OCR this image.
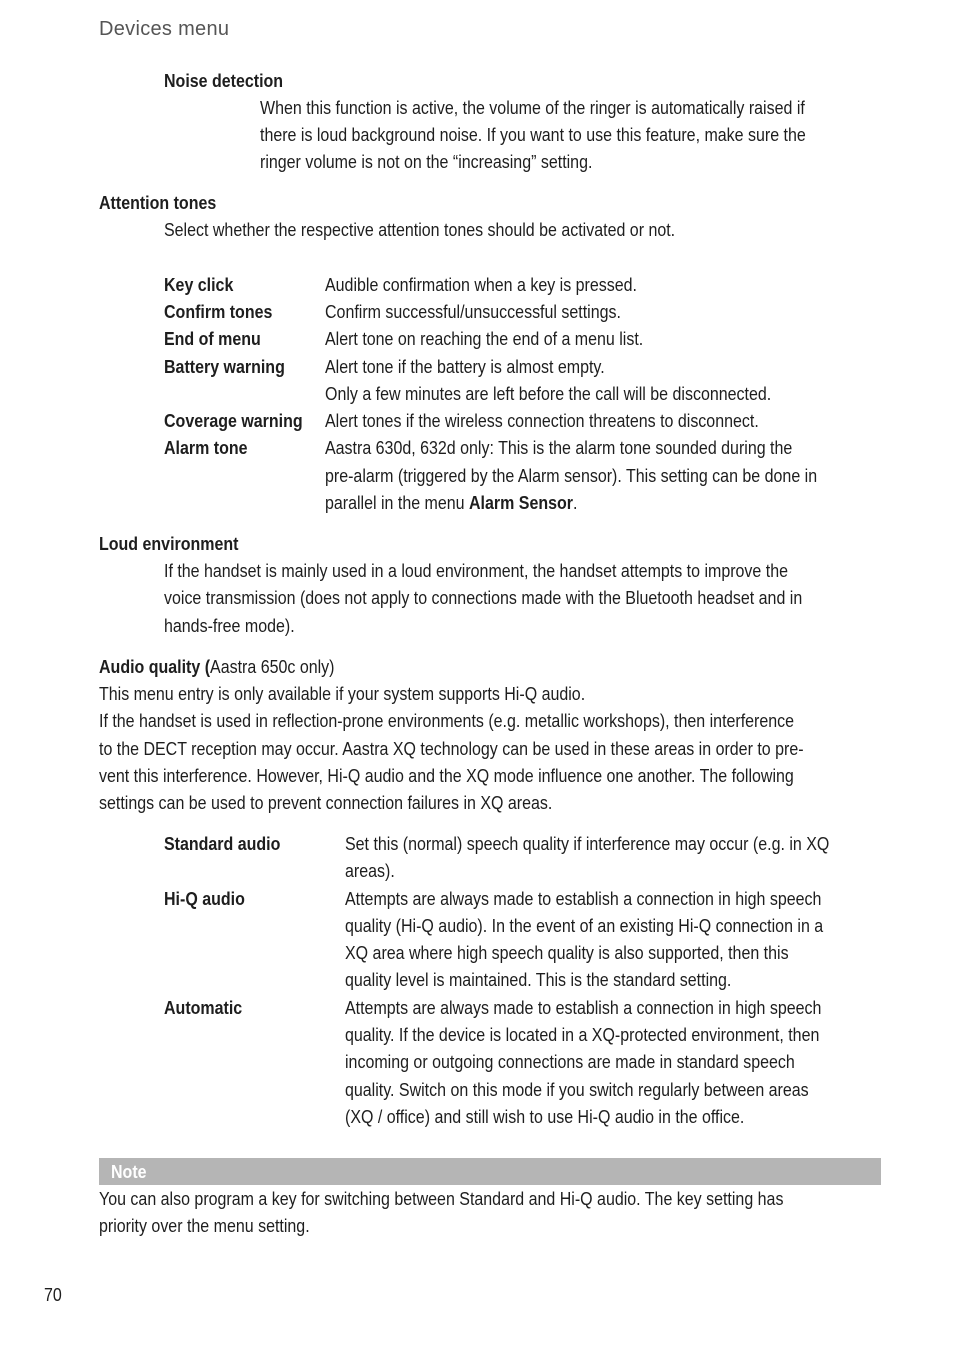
Devices menu
Noise detection
When this function is active, the volume of the ringer is automatically raised if
there is loud background noise. If you want to use this feature, make sure the
ringer volume is not on the “increasing” setting.
Attention tones
Select whether the respective attention tones should be activated or not.
Key click	Audible confirmation when a key is pressed.
Confirm tones	Confirm successful/unsuccessful settings.
End of menu	Alert tone on reaching the end of a menu list.
Battery warning	Alert tone if the battery is almost empty.
Only a few minutes are left before the call will be disconnected.
Coverage warning	Alert tones if the wireless connection threatens to disconnect.
Alarm tone	Aastra 630d, 632d only: This is the alarm tone sounded during the
pre-alarm (triggered by the Alarm sensor). This setting can be done in
parallel in the menu Alarm Sensor.
Loud environment
If the handset is mainly used in a loud environment, the handset attempts to improve the
voice transmission (does not apply to connections made with the Bluetooth headset and in
hands-free mode).
Audio quality (Aastra 650c only)
This menu entry is only available if your system supports Hi-Q audio.
If the handset is used in reflection-prone environments (e.g. metallic workshops), then interference
to the DECT reception may occur. Aastra XQ technology can be used in these areas in order to pre-
vent this interference. However, Hi-Q audio and the XQ mode influence one another. The following
settings can be used to prevent connection failures in XQ areas.
Standard audio	Set this (normal) speech quality if interference may occur (e.g. in XQ
areas).
Hi-Q audio	Attempts are always made to establish a connection in high speech
quality (Hi-Q audio). In the event of an existing Hi-Q connection in a
XQ area where high speech quality is also supported, then this
quality level is maintained. This is the standard setting.
Automatic	Attempts are always made to establish a connection in high speech
quality. If the device is located in a XQ-protected environment, then
incoming or outgoing connections are made in standard speech
quality. Switch on this mode if you switch regularly between areas
(XQ / office) and still wish to use Hi-Q audio in the office.
Note
You can also program a key for switching between Standard and Hi-Q audio. The key setting has
priority over the menu setting.
70
